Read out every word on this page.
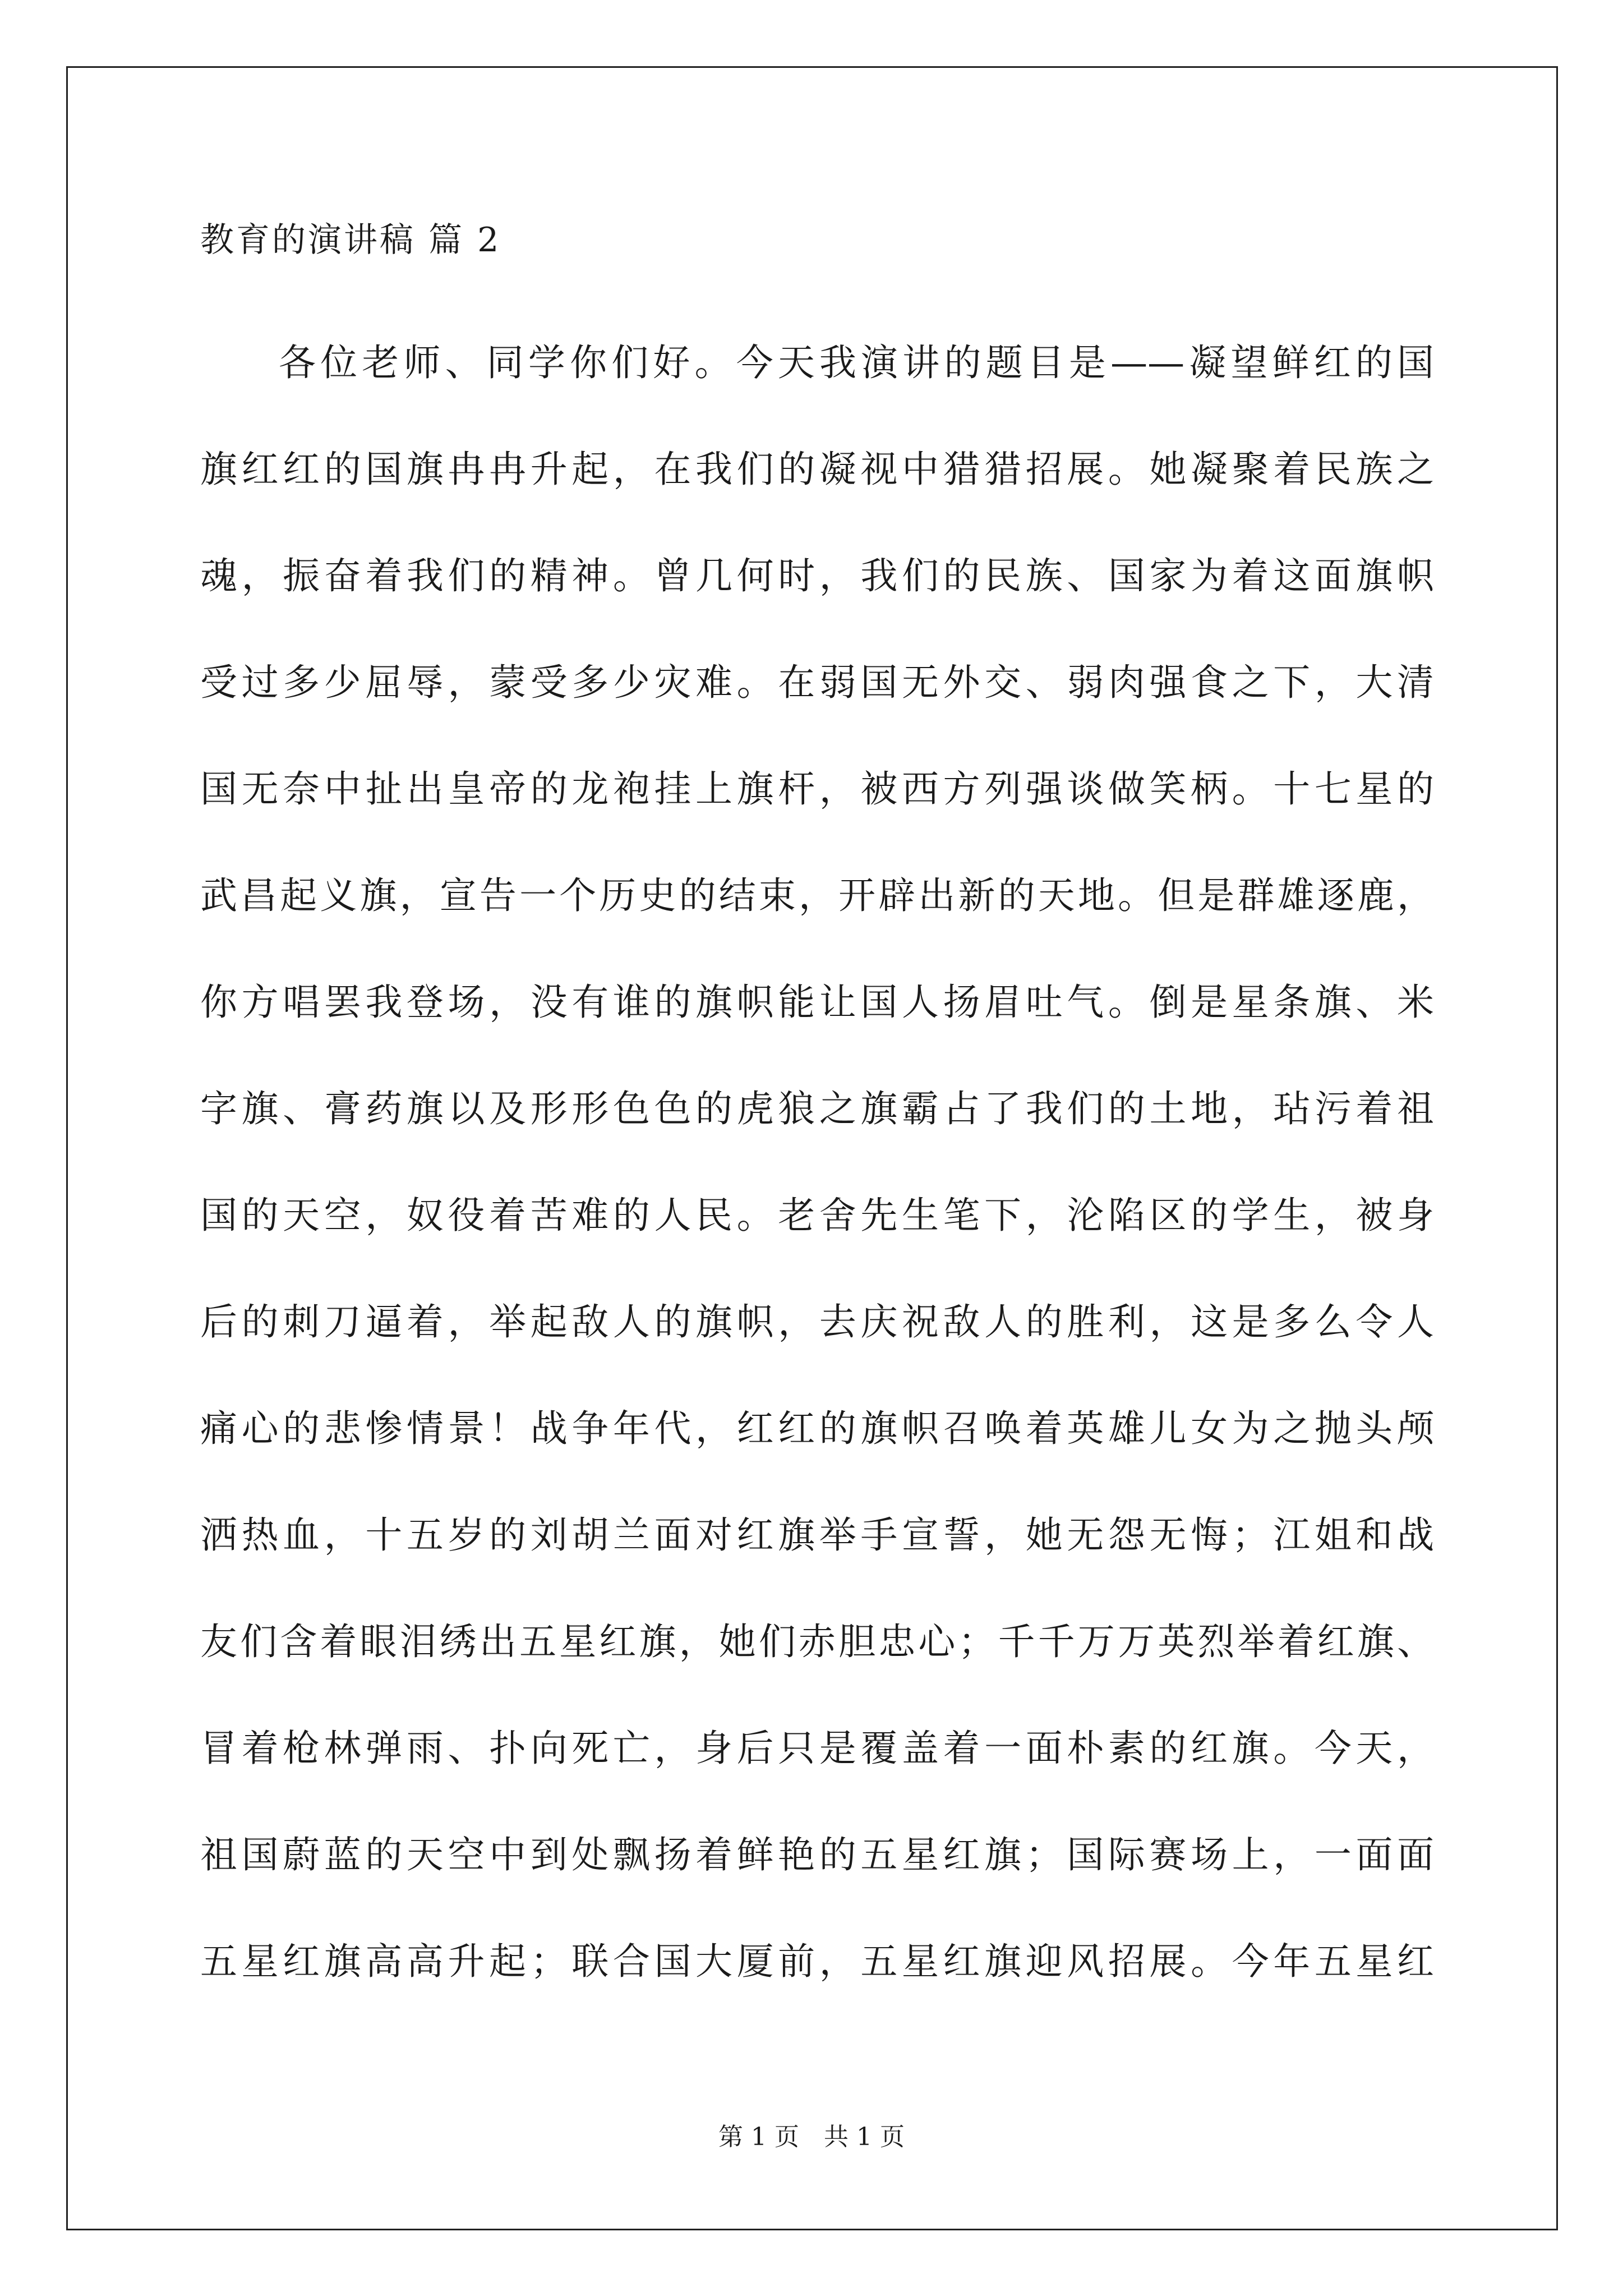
教育的演讲稿 篇 2
各位老师、同学你们好。今天我演讲的题目是——凝望鲜红的国
旗红红的国旗冉冉升起，在我们的凝视中猎猎招展。她凝聚着民族之
魂，振奋着我们的精神。曾几何时，我们的民族、国家为着这面旗帜
受过多少屈辱，蒙受多少灾难。在弱国无外交、弱肉强食之下，大清
国无奈中扯出皇帝的龙袍挂上旗杆，被西方列强谈做笑柄。十七星的
武昌起义旗，宣告一个历史的结束，开辟出新的天地。但是群雄逐鹿，
你方唱罢我登场，没有谁的旗帜能让国人扬眉吐气。倒是星条旗、米
字旗、膏药旗以及形形色色的虎狼之旗霸占了我们的土地，玷污着祖
国的天空，奴役着苦难的人民。老舍先生笔下，沦陷区的学生，被身
后的刺刀逼着，举起敌人的旗帜，去庆祝敌人的胜利，这是多么令人
痛心的悲惨情景！战争年代，红红的旗帜召唤着英雄儿女为之抛头颅
洒热血，十五岁的刘胡兰面对红旗举手宣誓，她无怨无悔；江姐和战
友们含着眼泪绣出五星红旗，她们赤胆忠心；千千万万英烈举着红旗、
冒着枪林弹雨、扑向死亡，身后只是覆盖着一面朴素的红旗。今天，
祖国蔚蓝的天空中到处飘扬着鲜艳的五星红旗；国际赛场上，一面面
五星红旗高高升起；联合国大厦前，五星红旗迎风招展。今年五星红
第 1 页　共 1 页
